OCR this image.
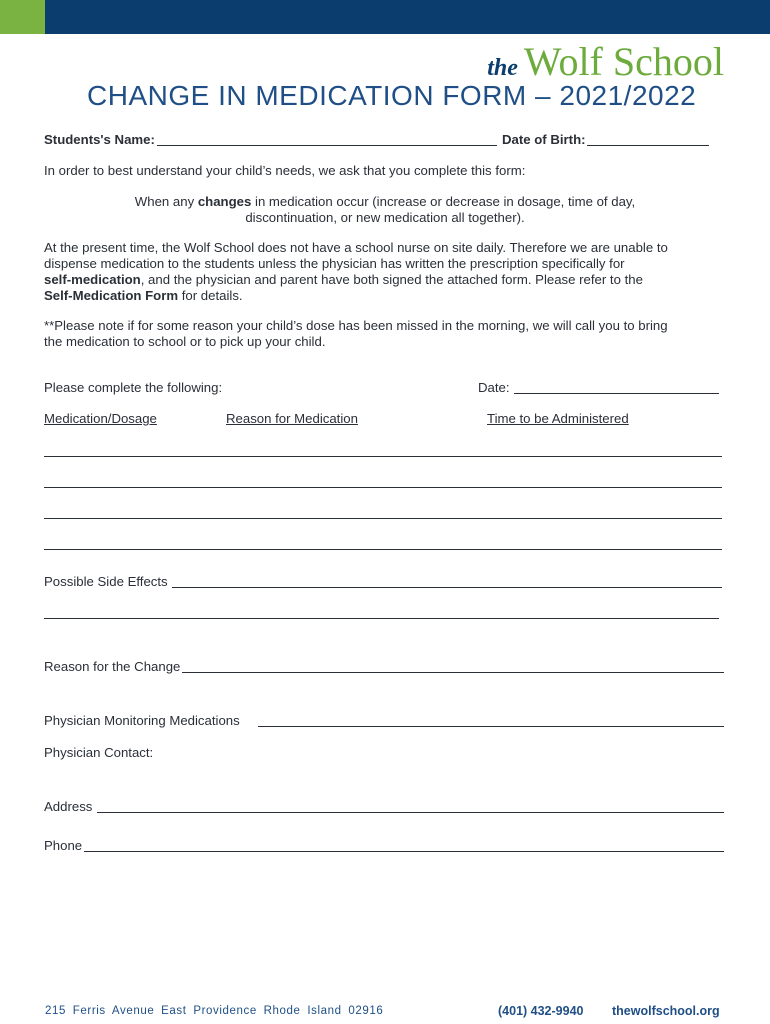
the Wolf School
CHANGE IN MEDICATION FORM – 2021/2022
Students's Name:	Date of Birth:
In order to best understand your child’s needs, we ask that you complete this form:
When any changes in medication occur (increase or decrease in dosage, time of day,
discontinuation, or new medication all together).
At the present time, the Wolf School does not have a school nurse on site daily. Therefore we are unable to
dispense medication to the students unless the physician has written the prescription specifically for
self-medication, and the physician and parent have both signed the attached form. Please refer to the
Self-Medication Form for details.
**Please note if for some reason your child’s dose has been missed in the morning, we will call you to bring
the medication to school or to pick up your child.
Please complete the following:	Date:
Medication/Dosage	Reason for Medication	Time to be Administered
Possible Side Effects
Reason for the Change
Physician Monitoring Medications
Physician Contact:
Address
Phone
215 Ferris Avenue East Providence Rhode Island 02916	(401) 432-9940 thewolfschool.org
